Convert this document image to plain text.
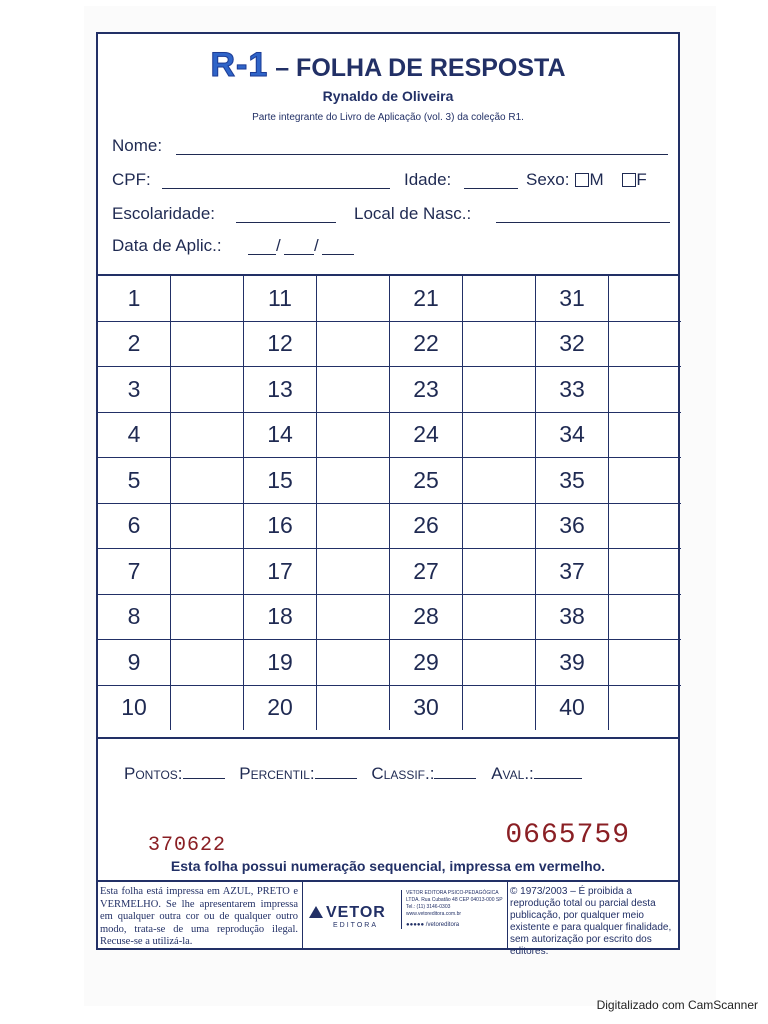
R-1 – FOLHA DE RESPOSTA
Rynaldo de Oliveira
Parte integrante do Livro de Aplicação (vol. 3) da coleção R1.
Nome:
CPF:	Idade:	Sexo: M F
Escolaridade:	Local de Nasc.:
Data de Aplic.:	/ /
1		11		21		31	
2		12		22		32	
3		13		23		33	
4		14		24		34	
5		15		25		35	
6		16		26		36	
7		17		27		37	
8		18		28		38	
9		19		29		39	
10		20		30		40	
Pontos:	Percentil:	Classif.:	Aval.:
370622	0665759
Esta folha possui numeração sequencial, impressa em vermelho.
Esta folha está impressa em AZUL, PRETO e VERMELHO. Se lhe apresentarem impressa em qualquer outra cor ou de qualquer outro modo, trata-se de uma reprodução ilegal. Recuse-se a utilizá-la.
VETOR
EDITORA
VETOR EDITORA PSICO-PEDAGÓGICA LTDA. Rua Cubatão 48 CEP 04013-000 SP Tel.: (11) 3146-0303 www.vetoreditora.com.br
●●●●● /vetoreditora
© 1973/2003 – É proibida a reprodução total ou parcial desta publicação, por qualquer meio existente e para qualquer finalidade, sem autorização por escrito dos editores.
Digitalizado com CamScanner
